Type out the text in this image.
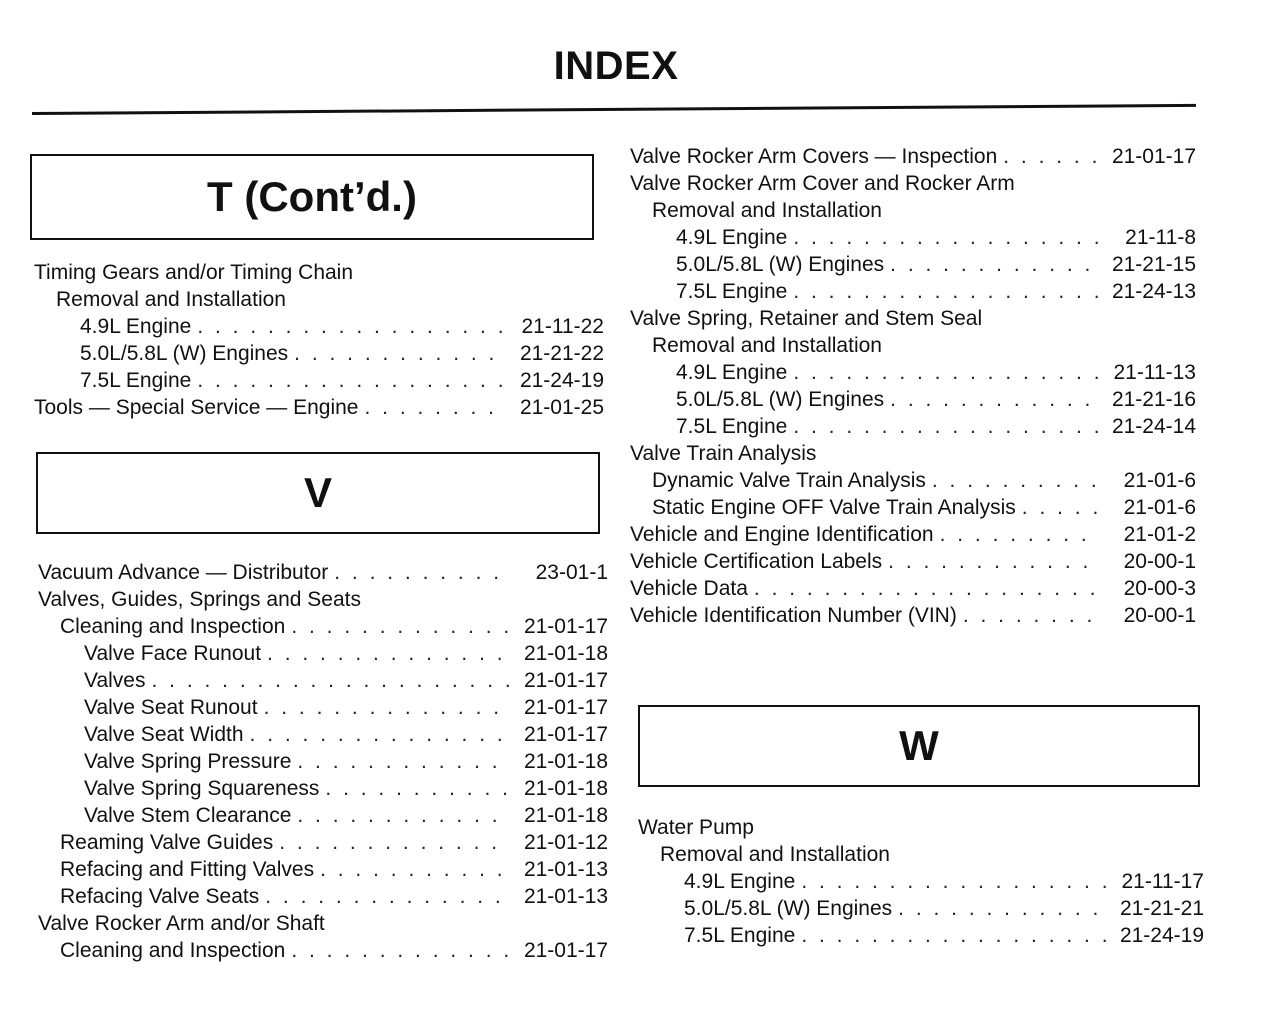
INDEX
T (Cont’d.)
Timing Gears and/or Timing Chain
Removal and Installation
4.9L Engine . . .	21-11-22
5.0L/5.8L (W) Engines . . .	21-21-22
7.5L Engine . . .	21-24-19
Tools — Special Service — Engine . . .	21-01-25
V
Vacuum Advance — Distributor . . .	23-01-1
Valves, Guides, Springs and Seats
Cleaning and Inspection . . .	21-01-17
Valve Face Runout . . .	21-01-18
Valves . . .	21-01-17
Valve Seat Runout . . .	21-01-17
Valve Seat Width . . .	21-01-17
Valve Spring Pressure . . .	21-01-18
Valve Spring Squareness . . .	21-01-18
Valve Stem Clearance . . .	21-01-18
Reaming Valve Guides . . .	21-01-12
Refacing and Fitting Valves . . .	21-01-13
Refacing Valve Seats . . .	21-01-13
Valve Rocker Arm and/or Shaft
Cleaning and Inspection . . .	21-01-17
Valve Rocker Arm Covers — Inspection . . .	21-01-17
Valve Rocker Arm Cover and Rocker Arm
Removal and Installation
4.9L Engine . . .	21-11-8
5.0L/5.8L (W) Engines . . .	21-21-15
7.5L Engine . . .	21-24-13
Valve Spring, Retainer and Stem Seal
Removal and Installation
4.9L Engine . . .	21-11-13
5.0L/5.8L (W) Engines . . .	21-21-16
7.5L Engine . . .	21-24-14
Valve Train Analysis
Dynamic Valve Train Analysis . . .	21-01-6
Static Engine OFF Valve Train Analysis . . .	21-01-6
Vehicle and Engine Identification . . .	21-01-2
Vehicle Certification Labels . . .	20-00-1
Vehicle Data . . .	20-00-3
Vehicle Identification Number (VIN) . . .	20-00-1
W
Water Pump
Removal and Installation
4.9L Engine . . .	21-11-17
5.0L/5.8L (W) Engines . . .	21-21-21
7.5L Engine . . .	21-24-19
